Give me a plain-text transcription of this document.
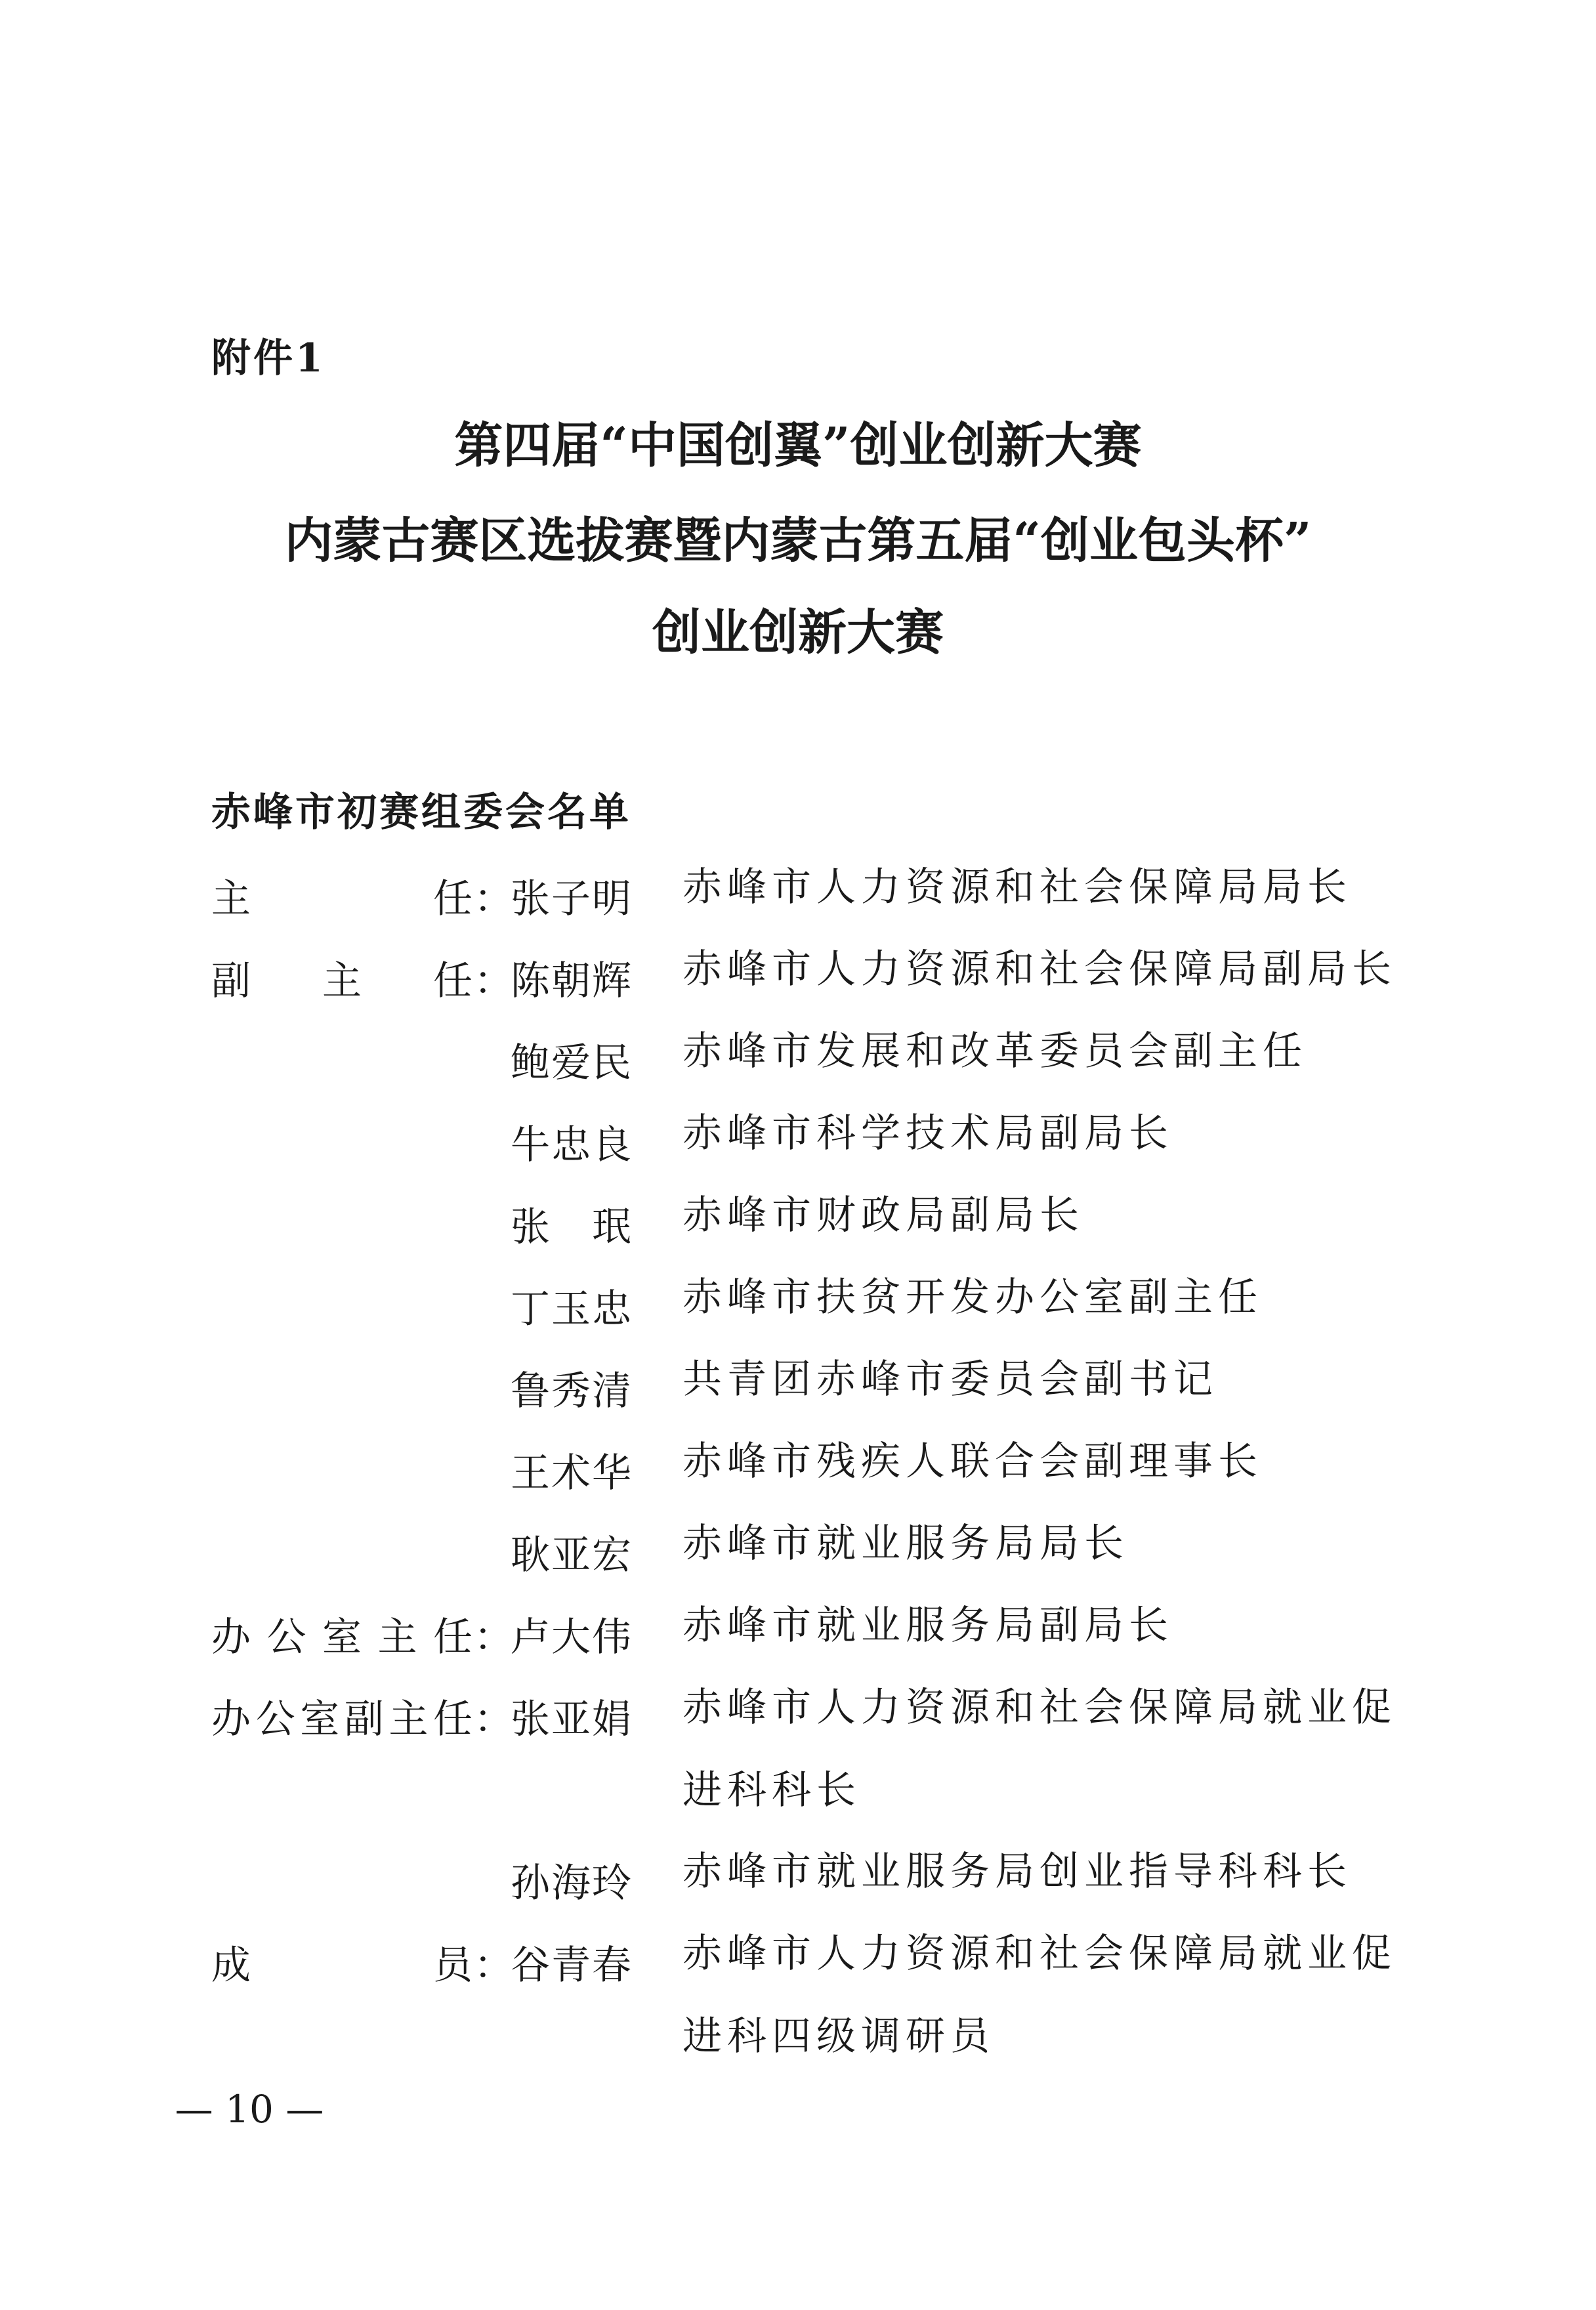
附件1
第四届“中国创翼”创业创新大赛
内蒙古赛区选拔赛暨内蒙古第五届“创业包头杯”
创业创新大赛
赤峰市初赛组委会名单
主任 ：
张子明 赤峰市人力资源和社会保障局局长
副主任 ：
陈朝辉 赤峰市人力资源和社会保障局副局长
鲍爱民 赤峰市发展和改革委员会副主任
牛忠良 赤峰市科学技术局副局长
张珉 赤峰市财政局副局长
丁玉忠 赤峰市扶贫开发办公室副主任
鲁秀清 共青团赤峰市委员会副书记
王术华 赤峰市残疾人联合会副理事长
耿亚宏 赤峰市就业服务局局长
办公室主任 ：
卢大伟 赤峰市就业服务局副局长
办公室副主任 ：
张亚娟 赤峰市人力资源和社会保障局就业促进科科长
孙海玲 赤峰市就业服务局创业指导科科长
成员 ：
谷青春 赤峰市人力资源和社会保障局就业促进科四级调研员
— 10 —
